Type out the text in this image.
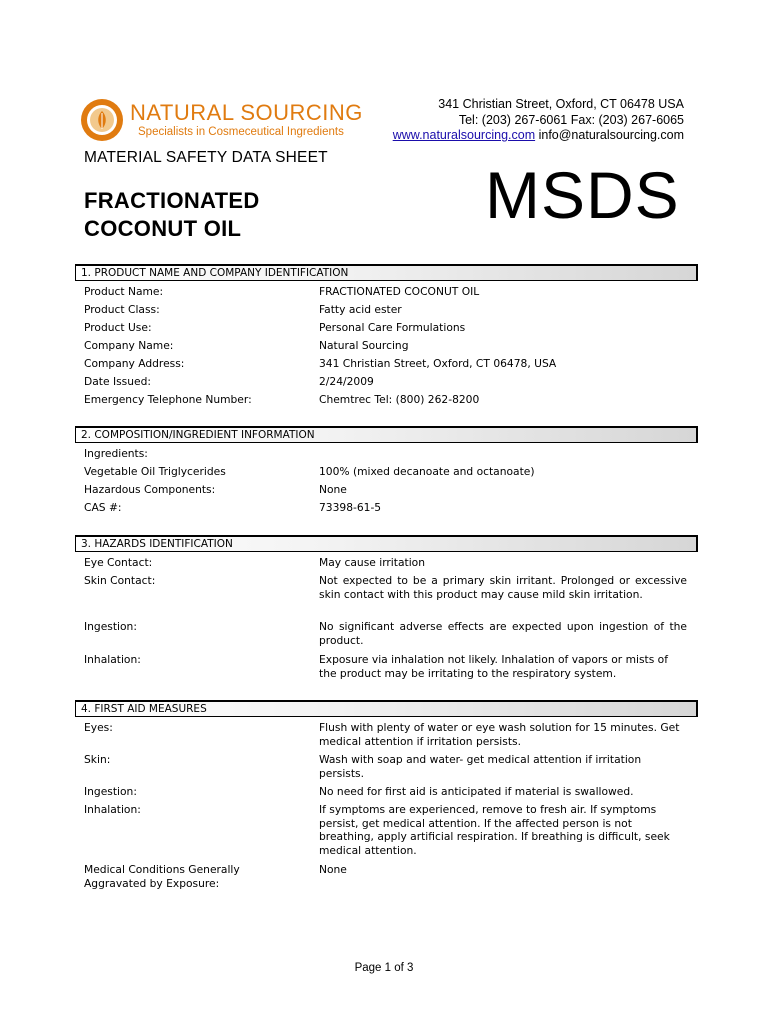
NATURAL SOURCING
Specialists in Cosmeceutical Ingredients
341 Christian Street, Oxford, CT 06478 USA
Tel: (203) 267-6061 Fax: (203) 267-6065
www.naturalsourcing.com info@naturalsourcing.com
MATERIAL SAFETY DATA SHEET
FRACTIONATED
COCONUT OIL	MSDS
1. PRODUCT NAME AND COMPANY IDENTIFICATION
Product Name:	FRACTIONATED COCONUT OIL
Product Class:	Fatty acid ester
Product Use:	Personal Care Formulations
Company Name:	Natural Sourcing
Company Address:	341 Christian Street, Oxford, CT 06478, USA
Date Issued:	2/24/2009
Emergency Telephone Number:	Chemtrec Tel: (800) 262-8200
2. COMPOSITION/INGREDIENT INFORMATION
Ingredients:
Vegetable Oil Triglycerides	100% (mixed decanoate and octanoate)
Hazardous Components:	None
CAS #:	73398-61-5
3. HAZARDS IDENTIFICATION
Eye Contact:	May cause irritation
Skin Contact:	Not expected to be a primary skin irritant. Prolonged or excessive skin contact with this product may cause mild skin irritation.
Ingestion:	No significant adverse effects are expected upon ingestion of the product.
Inhalation:	Exposure via inhalation not likely. Inhalation of vapors or mists of the product may be irritating to the respiratory system.
4. FIRST AID MEASURES
Eyes:	Flush with plenty of water or eye wash solution for 15 minutes. Get medical attention if irritation persists.
Skin:	Wash with soap and water- get medical attention if irritation persists.
Ingestion:	No need for first aid is anticipated if material is swallowed.
Inhalation:	If symptoms are experienced, remove to fresh air. If symptoms persist, get medical attention. If the affected person is not breathing, apply artificial respiration. If breathing is difficult, seek medical attention.
Medical Conditions Generally Aggravated by Exposure:
None
Page 1 of 3
